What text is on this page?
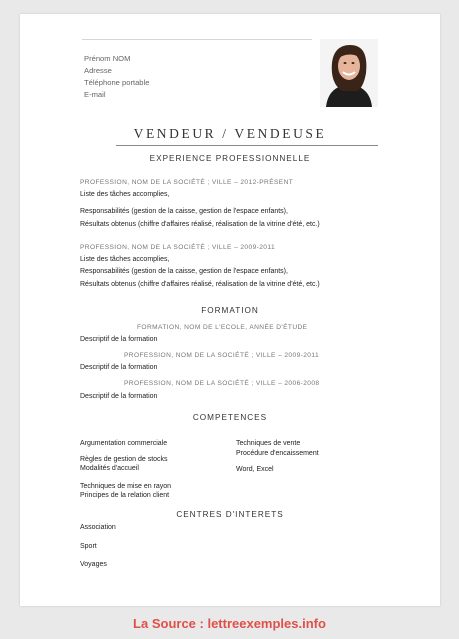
Prénom NOM
Adresse
Téléphone portable
E-mail
VENDEUR / VENDEUSE
EXPERIENCE PROFESSIONNELLE
PROFESSION, NOM DE LA SOCIÉTÉ ; VILLE – 2012-PRÉSENT
Liste des tâches accomplies,
Responsabilités (gestion de la caisse, gestion de l'espace enfants),
Résultats obtenus (chiffre d'affaires réalisé, réalisation de la vitrine d'été, etc.)
PROFESSION, NOM DE LA SOCIÉTÉ ; VILLE – 2009-2011
Liste des tâches accomplies,
Responsabilités (gestion de la caisse, gestion de l'espace enfants),
Résultats obtenus (chiffre d'affaires réalisé, réalisation de la vitrine d'été, etc.)
FORMATION
FORMATION, NOM DE L'ECOLE, ANNÉE D'ÉTUDE
Descriptif de la formation
PROFESSION, NOM DE LA SOCIÉTÉ ; VILLE – 2009-2011
Descriptif de la formation
PROFESSION, NOM DE LA SOCIÉTÉ ; VILLE – 2006-2008
Descriptif de la formation
COMPETENCES
Argumentation commerciale
Règles de gestion de stocks
Modalités d'accueil
Techniques de mise en rayon
Principes de la relation client
Techniques de vente
Procédure d'encaissement
Word, Excel
CENTRES D'INTERETS
Association
Sport
Voyages
La Source : lettreexemples.info
